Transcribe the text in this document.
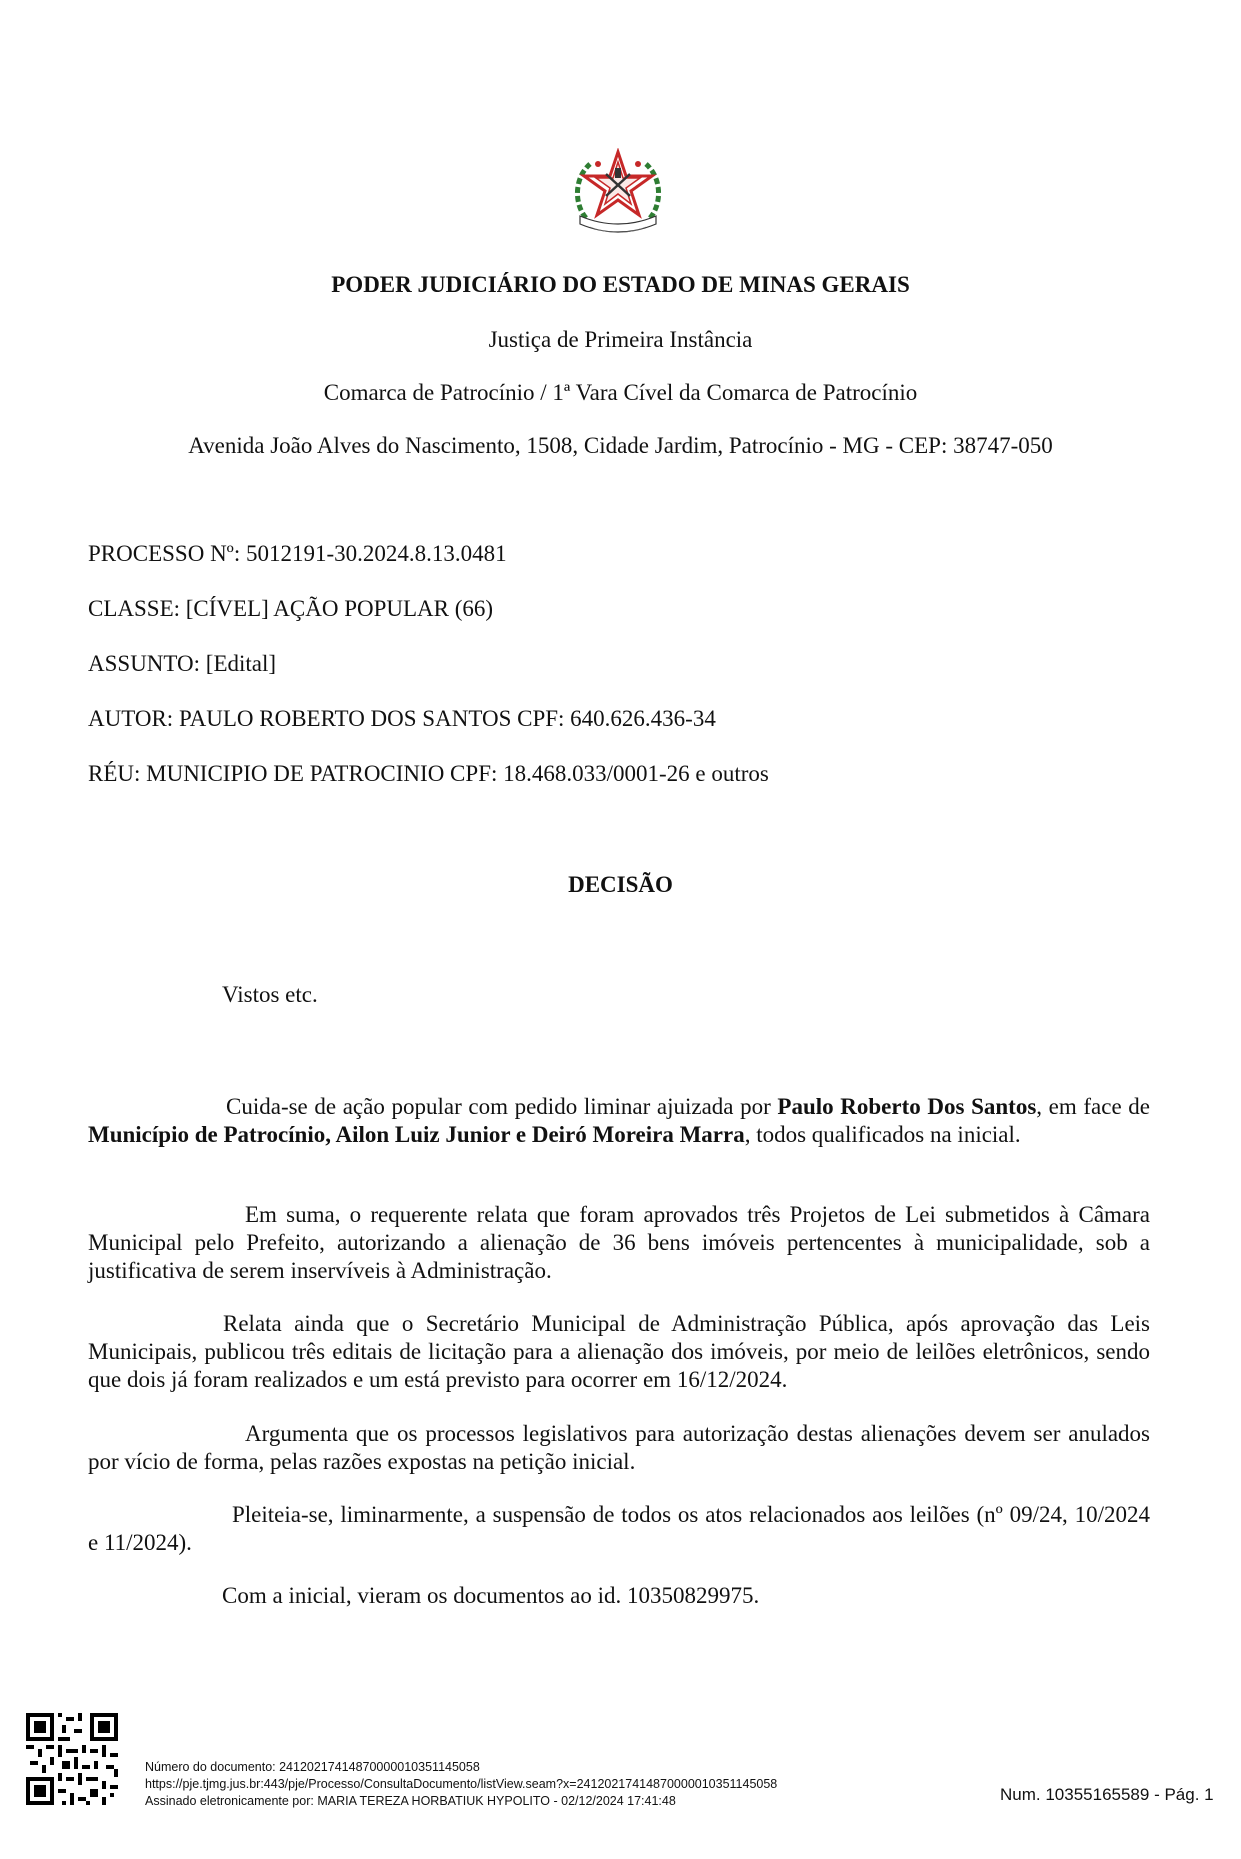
PODER JUDICIÁRIO DO ESTADO DE MINAS GERAIS
Justiça de Primeira Instância
Comarca de Patrocínio / 1ª Vara Cível da Comarca de Patrocínio
Avenida João Alves do Nascimento, 1508, Cidade Jardim, Patrocínio - MG - CEP: 38747-050
PROCESSO Nº: 5012191-30.2024.8.13.0481
CLASSE: [CÍVEL] AÇÃO POPULAR (66)
ASSUNTO: [Edital]
AUTOR: PAULO ROBERTO DOS SANTOS CPF: 640.626.436-34
RÉU: MUNICIPIO DE PATROCINIO CPF: 18.468.033/0001-26 e outros
DECISÃO
Vistos etc.
Cuida-se de ação popular com pedido liminar ajuizada por Paulo Roberto Dos Santos, em face de Município de Patrocínio, Ailon Luiz Junior e Deiró Moreira Marra, todos qualificados na inicial.
Em suma, o requerente relata que foram aprovados três Projetos de Lei submetidos à Câmara Municipal pelo Prefeito, autorizando a alienação de 36 bens imóveis pertencentes à municipalidade, sob a justificativa de serem inservíveis à Administração.
Relata ainda que o Secretário Municipal de Administração Pública, após aprovação das Leis Municipais, publicou três editais de licitação para a alienação dos imóveis, por meio de leilões eletrônicos, sendo que dois já foram realizados e um está previsto para ocorrer em 16/12/2024.
Argumenta que os processos legislativos para autorização destas alienações devem ser anulados por vício de forma, pelas razões expostas na petição inicial.
Pleiteia-se, liminarmente, a suspensão de todos os atos relacionados aos leilões (nº 09/24, 10/2024 e 11/2024).
Com a inicial, vieram os documentos ao id. 10350829975.
Número do documento: 24120217414870000010351145058
https://pje.tjmg.jus.br:443/pje/Processo/ConsultaDocumento/listView.seam?x=24120217414870000010351145058
Assinado eletronicamente por: MARIA TEREZA HORBATIUK HYPOLITO - 02/12/2024 17:41:48	Num. 10355165589 - Pág. 1
